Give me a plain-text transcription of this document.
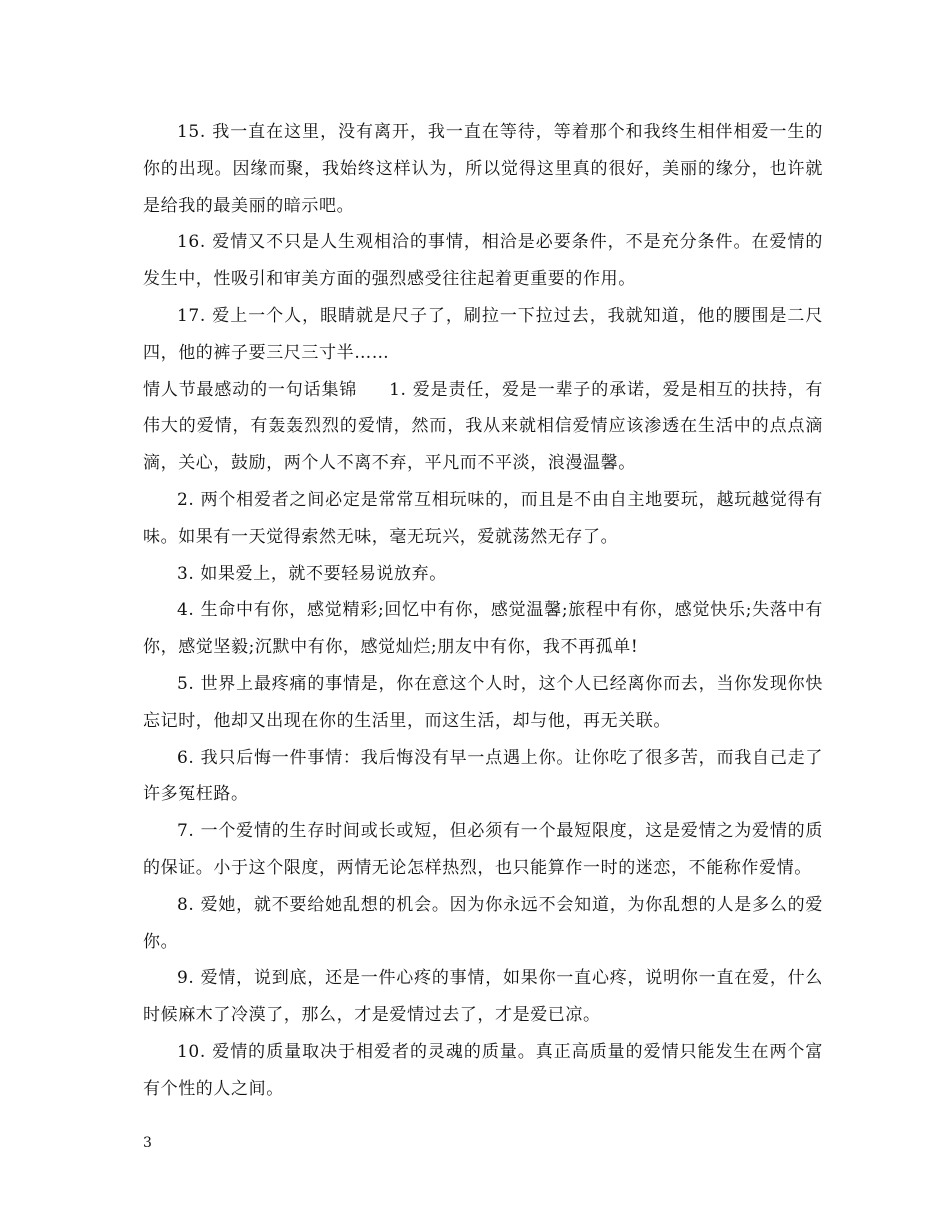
15. 我一直在这里，没有离开，我一直在等待，等着那个和我终生相伴相爱一生的你的出现。因缘而聚，我始终这样认为，所以觉得这里真的很好，美丽的缘分，也许就是给我的最美丽的暗示吧。

16. 爱情又不只是人生观相洽的事情，相洽是必要条件，不是充分条件。在爱情的发生中，性吸引和审美方面的强烈感受往往起着更重要的作用。

17. 爱上一个人，眼睛就是尺子了，刷拉一下拉过去，我就知道，他的腰围是二尺四，他的裤子要三尺三寸半……

情人节最感动的一句话集锦 1. 爱是责任，爱是一辈子的承诺，爱是相互的扶持，有伟大的爱情，有轰轰烈烈的爱情，然而，我从来就相信爱情应该渗透在生活中的点点滴滴，关心，鼓励，两个人不离不弃，平凡而不平淡，浪漫温馨。

2. 两个相爱者之间必定是常常互相玩味的，而且是不由自主地要玩，越玩越觉得有味。如果有一天觉得索然无味，毫无玩兴，爱就荡然无存了。

3. 如果爱上，就不要轻易说放弃。

4. 生命中有你，感觉精彩;回忆中有你，感觉温馨;旅程中有你，感觉快乐;失落中有你，感觉坚毅;沉默中有你，感觉灿烂;朋友中有你，我不再孤单!

5. 世界上最疼痛的事情是，你在意这个人时，这个人已经离你而去，当你发现你快忘记时，他却又出现在你的生活里，而这生活，却与他，再无关联。

6. 我只后悔一件事情：我后悔没有早一点遇上你。让你吃了很多苦，而我自己走了许多冤枉路。

7. 一个爱情的生存时间或长或短，但必须有一个最短限度，这是爱情之为爱情的质的保证。小于这个限度，两情无论怎样热烈，也只能算作一时的迷恋，不能称作爱情。

8. 爱她，就不要给她乱想的机会。因为你永远不会知道，为你乱想的人是多么的爱你。

9. 爱情，说到底，还是一件心疼的事情，如果你一直心疼，说明你一直在爱，什么时候麻木了冷漠了，那么，才是爱情过去了，才是爱已凉。

10. 爱情的质量取决于相爱者的灵魂的质量。真正高质量的爱情只能发生在两个富有个性的人之间。

3
